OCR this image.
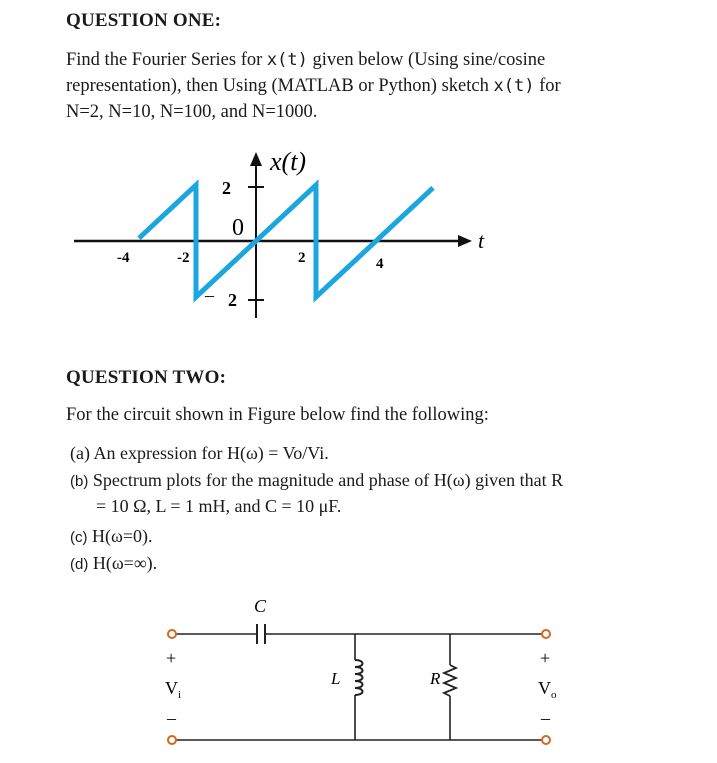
QUESTION ONE:
Find the Fourier Series for x(t) given below (Using sine/cosine
representation), then Using (MATLAB or Python) sketch x(t) for
N=2, N=10, N=100, and N=1000.
x(t)
2
0
2
–
t
-4	-2	2	4
QUESTION TWO:
For the circuit shown in Figure below find the following:
(a) An expression for H(ω) = Vo/Vi.
(b) Spectrum plots for the magnitude and phase of H(ω) given that R
= 10 Ω, L = 1 mH, and C = 10 μF.
(c) H(ω=0).
(d) H(ω=∞).
C
L	R
+
$V_i$
–
+
$V_o$
–
